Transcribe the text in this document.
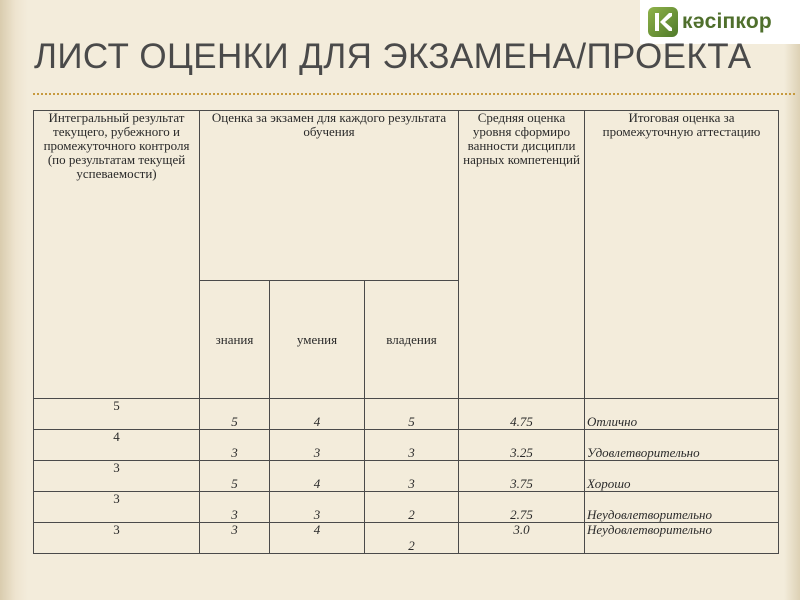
кәсіпкор
ЛИСТ ОЦЕНКИ ДЛЯ ЭКЗАМЕНА/ПРОЕКТА
Интегральный результат текущего, рубежного и промежуточного контроля (по результатам текущей успеваемости)	Оценка за экзамен для каждого результата обучения			Средняя оценка уровня сформиро ванности дисципли нарных компетенций	Итоговая оценка за промежуточную аттестацию
	знания	умения	владения		
5	5	4	5	4.75	Отлично
4	3	3	3	3.25	Удовлетворительно
3	5	4	3	3.75	Хорошо
3	3	3	2	2.75	Неудовлетворительно
3	3	4	2	3.0	Неудовлетворительно
